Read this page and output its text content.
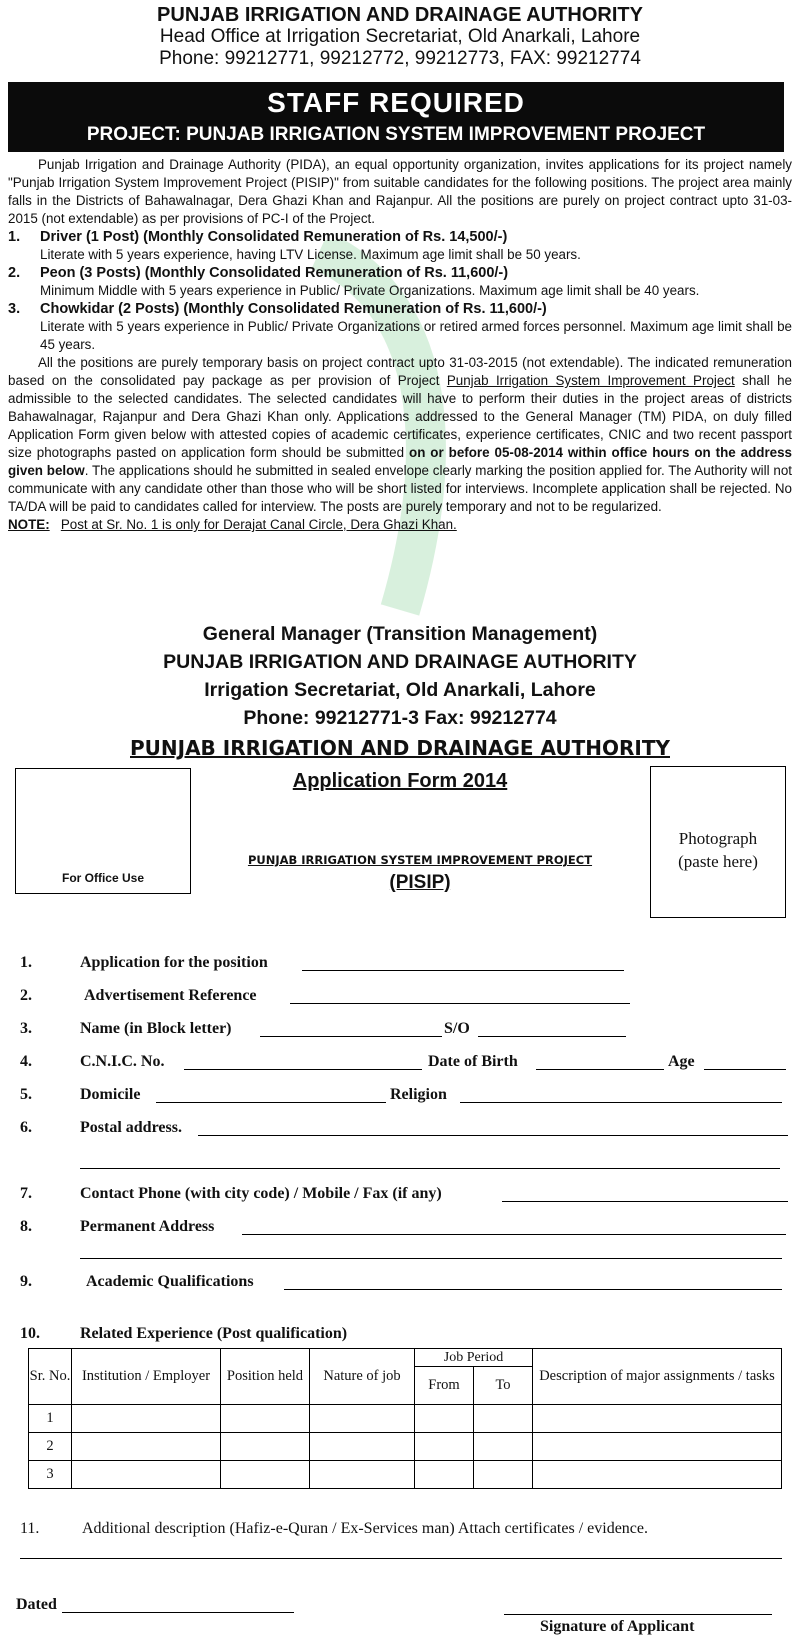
PUNJAB IRRIGATION AND DRAINAGE AUTHORITY
Head Office at Irrigation Secretariat, Old Anarkali, Lahore
Phone: 99212771, 99212772, 99212773, FAX: 99212774
STAFF REQUIRED
PROJECT: PUNJAB IRRIGATION SYSTEM IMPROVEMENT PROJECT

Punjab Irrigation and Drainage Authority (PIDA), an equal opportunity organization, invites applications for its project namely "Punjab Irrigation System Improvement Project (PISIP)" from suitable candidates for the following positions. The project area mainly falls in the Districts of Bahawalnagar, Dera Ghazi Khan and Rajanpur. All the positions are purely on project contract upto 31-03-2015 (not extendable) as per provisions of PC-I of the Project.

1.	Driver (1 Post) (Monthly Consolidated Remuneration of Rs. 14,500/-)
Literate with 5 years experience, having LTV License. Maximum age limit shall be 50 years.
2.	Peon (3 Posts) (Monthly Consolidated Remuneration of Rs. 11,600/-)
Minimum Middle with 5 years experience in Public/ Private Organizations. Maximum age limit shall be 40 years.
3.	Chowkidar (2 Posts) (Monthly Consolidated Remuneration of Rs. 11,600/-)
Literate with 5 years experience in Public/ Private Organizations or retired armed forces personnel. Maximum age limit shall be 45 years.

All the positions are purely temporary basis on project contract upto 31-03-2015 (not extendable). The indicated remuneration based on the consolidated pay package as per provision of Project Punjab Irrigation System Improvement Project shall he admissible to the selected candidates. The selected candidates will have to perform their duties in the project areas of districts Bahawalnagar, Rajanpur and Dera Ghazi Khan only. Applications addressed to the General Manager (TM) PIDA, on duly filled Application Form given below with attested copies of academic certificates, experience certificates, CNIC and two recent passport size photographs pasted on application form should be submitted on or before 05-08-2014 within office hours on the address given below. The applications should he submitted in sealed envelope clearly marking the position applied for. The Authority will not communicate with any candidate other than those who will be short listed for interviews. Incomplete application shall be rejected. No TA/DA will be paid to candidates called for interview. The posts are purely temporary and not to be regularized.

NOTE: Post at Sr. No. 1 is only for Derajat Canal Circle, Dera Ghazi Khan.

General Manager (Transition Management)
PUNJAB IRRIGATION AND DRAINAGE AUTHORITY
Irrigation Secretariat, Old Anarkali, Lahore
Phone: 99212771-3 Fax: 99212774
PUNJAB IRRIGATION AND DRAINAGE AUTHORITY
Application Form 2014
For Office Use
Photograph
(paste here)
PUNJAB IRRIGATION SYSTEM IMPROVEMENT PROJECT
(PISIP)
1.	Application for the position
2.	Advertisement Reference
3.	Name (in Block letter)	S/O
4.	C.N.I.C. No.	Date of Birth	Age
5.	Domicile	Religion
6.	Postal address.
7.	Contact Phone (with city code) / Mobile / Fax (if any)
8.	Permanent Address
9.	Academic Qualifications
10.	Related Experience (Post qualification)
Sr. No.	Institution / Employer	Position held	Nature of job	Job Period		Description of major assignments / tasks
				From	To	
1						
2						
3						
11.	Additional description (Hafiz-e-Quran / Ex-Services man) Attach certificates / evidence.
Dated
Signature of Applicant
